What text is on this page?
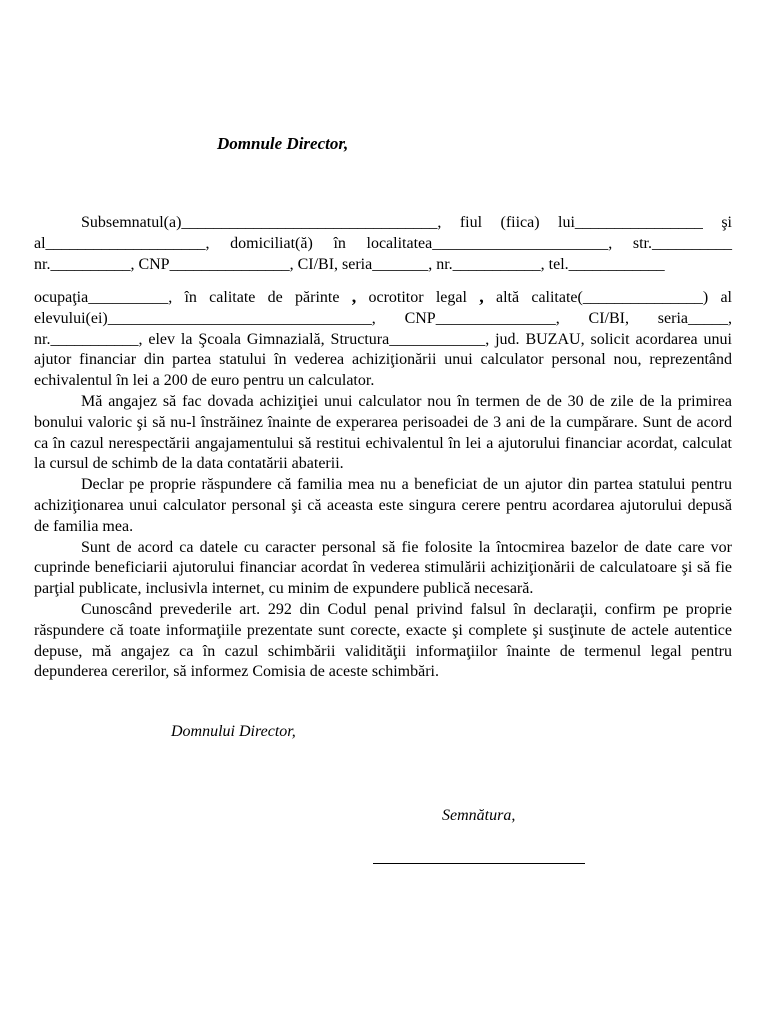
Domnule Director,

Subsemnatul(a)________________________________, fiul (fiica) lui________________ şi al____________________, domiciliat(ă) în localitatea______________________, str.__________ nr.__________, CNP_______________, CI/BI, seria_______, nr.___________, tel.____________

ocupaţia__________, în calitate de părinte , ocrotitor legal , altă calitate(_______________) al elevului(ei)_________________________________, CNP_______________, CI/BI, seria_____, nr.___________, elev la Şcoala Gimnazială, Structura____________, jud. BUZAU, solicit acordarea unui ajutor financiar din partea statului în vederea achiziţionării unui calculator personal nou, reprezentând echivalentul în lei a 200 de euro pentru un calculator.

Mă angajez să fac dovada achiziţiei unui calculator nou în termen de de 30 de zile de la primirea bonului valoric şi să nu-l înstrăinez înainte de experarea perisoadei de 3 ani de la cumpărare. Sunt de acord ca în cazul nerespectării angajamentului să restitui echivalentul în lei a ajutorului financiar acordat, calculat la cursul de schimb de la data contatării abaterii.

Declar pe proprie răspundere că familia mea nu a beneficiat de un ajutor din partea statului pentru achiziţionarea unui calculator personal şi că aceasta este singura cerere pentru acordarea ajutorului depusă de familia mea.

Sunt de acord ca datele cu caracter personal să fie folosite la întocmirea bazelor de date care vor cuprinde beneficiarii ajutorului financiar acordat în vederea stimulării achiziţionării de calculatoare şi să fie parţial publicate, inclusivla internet, cu minim de expundere publică necesară.

Cunoscând prevederile art. 292 din Codul penal privind falsul în declaraţii, confirm pe proprie răspundere că toate informaţiile prezentate sunt corecte, exacte şi complete şi susţinute de actele autentice depuse, mă angajez ca în cazul schimbării validităţii informaţiilor înainte de termenul legal pentru depunderea cererilor, să informez Comisia de aceste schimbări.

Domnului Director,
Semnătura,
